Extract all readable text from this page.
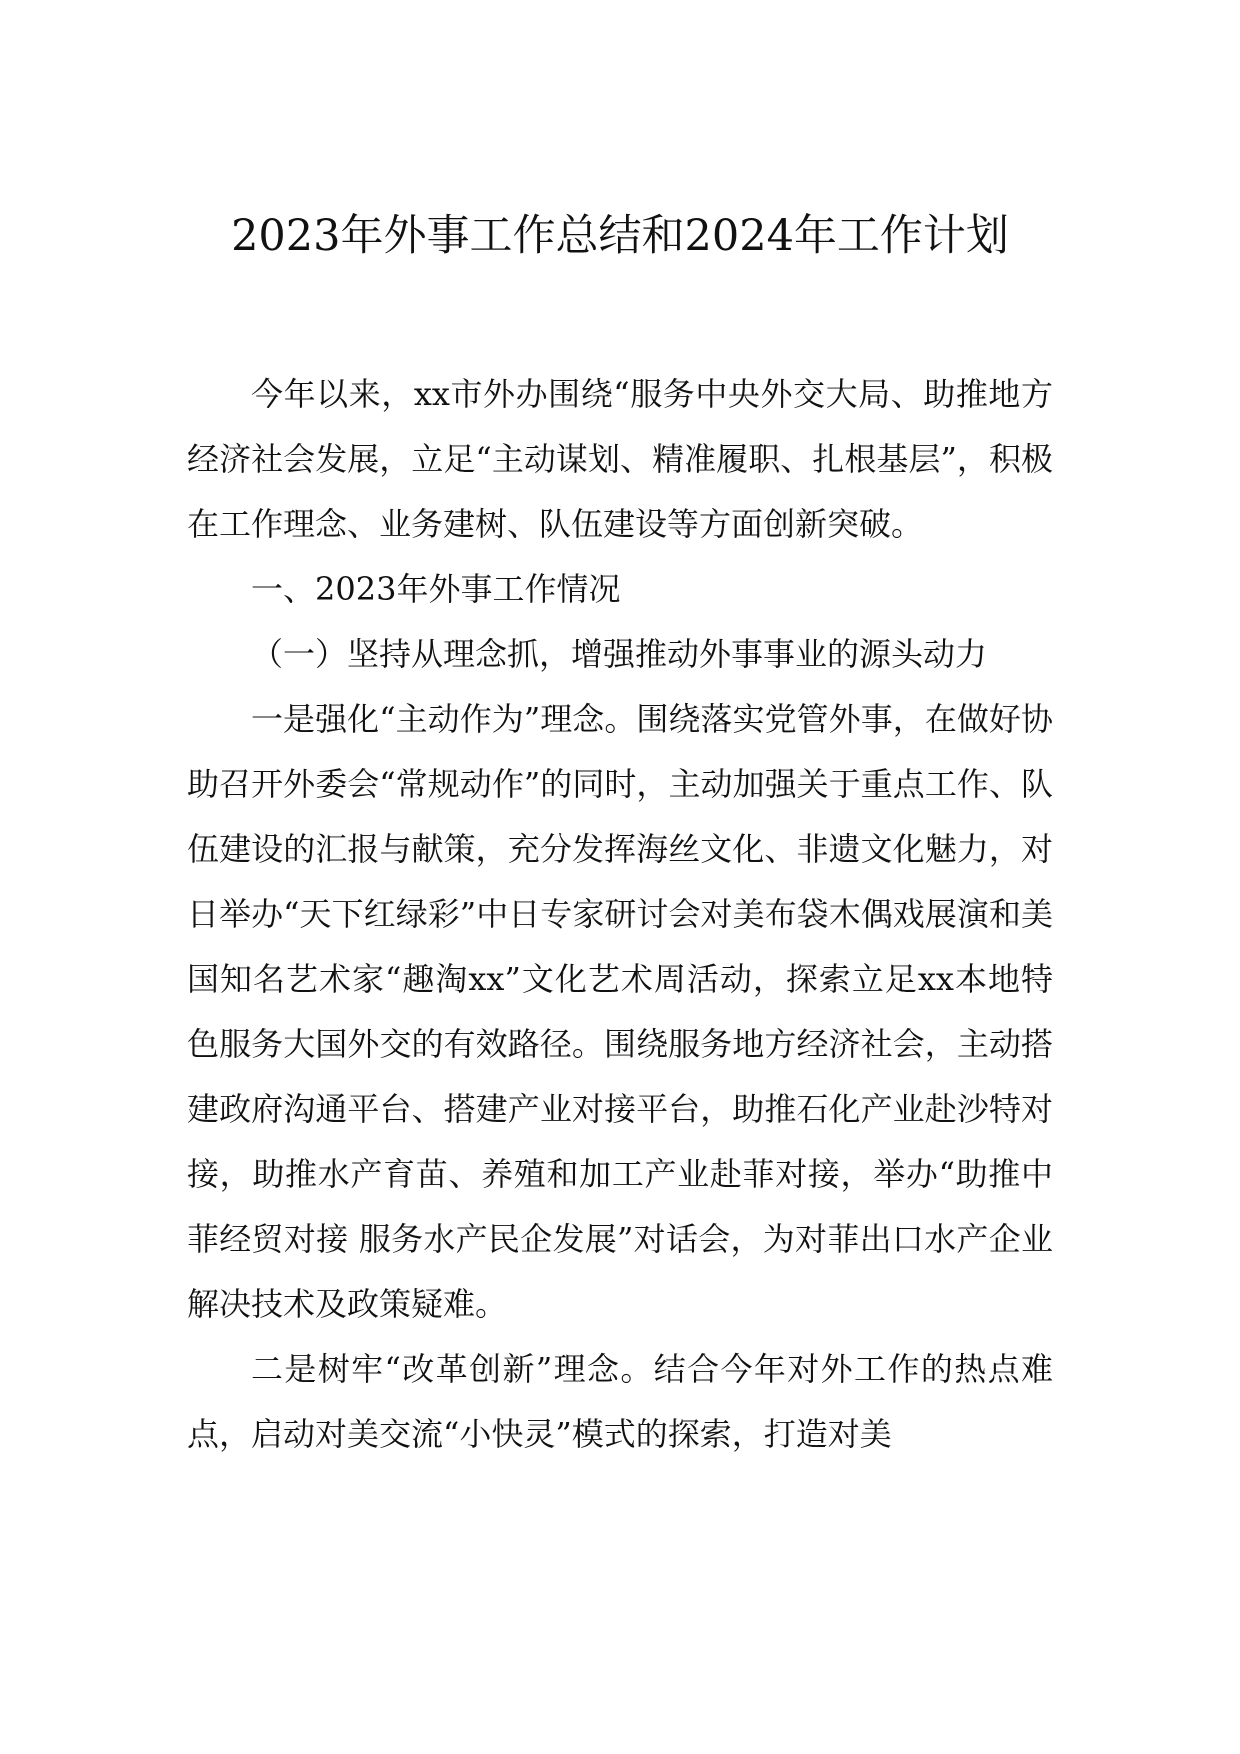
2023年外事工作总结和2024年工作计划

今年以来，xx市外办围绕“服务中央外交大局、助推地方经济社会发展，立足“主动谋划、精准履职、扎根基层”，积极在工作理念、业务建树、队伍建设等方面创新突破。

一、2023年外事工作情况

（一）坚持从理念抓，增强推动外事事业的源头动力

一是强化“主动作为”理念。围绕落实党管外事，在做好协助召开外委会“常规动作”的同时，主动加强关于重点工作、队伍建设的汇报与献策，充分发挥海丝文化、非遗文化魅力，对日举办“天下红绿彩”中日专家研讨会对美布袋木偶戏展演和美国知名艺术家“趣淘xx”文化艺术周活动，探索立足xx本地特色服务大国外交的有效路径。围绕服务地方经济社会，主动搭建政府沟通平台、搭建产业对接平台，助推石化产业赴沙特对接，助推水产育苗、养殖和加工产业赴菲对接，举办“助推中菲经贸对接 服务水产民企发展”对话会，为对菲出口水产企业解决技术及政策疑难。

二是树牢“改革创新”理念。结合今年对外工作的热点难点，启动对美交流“小快灵”模式的探索，打造对美
